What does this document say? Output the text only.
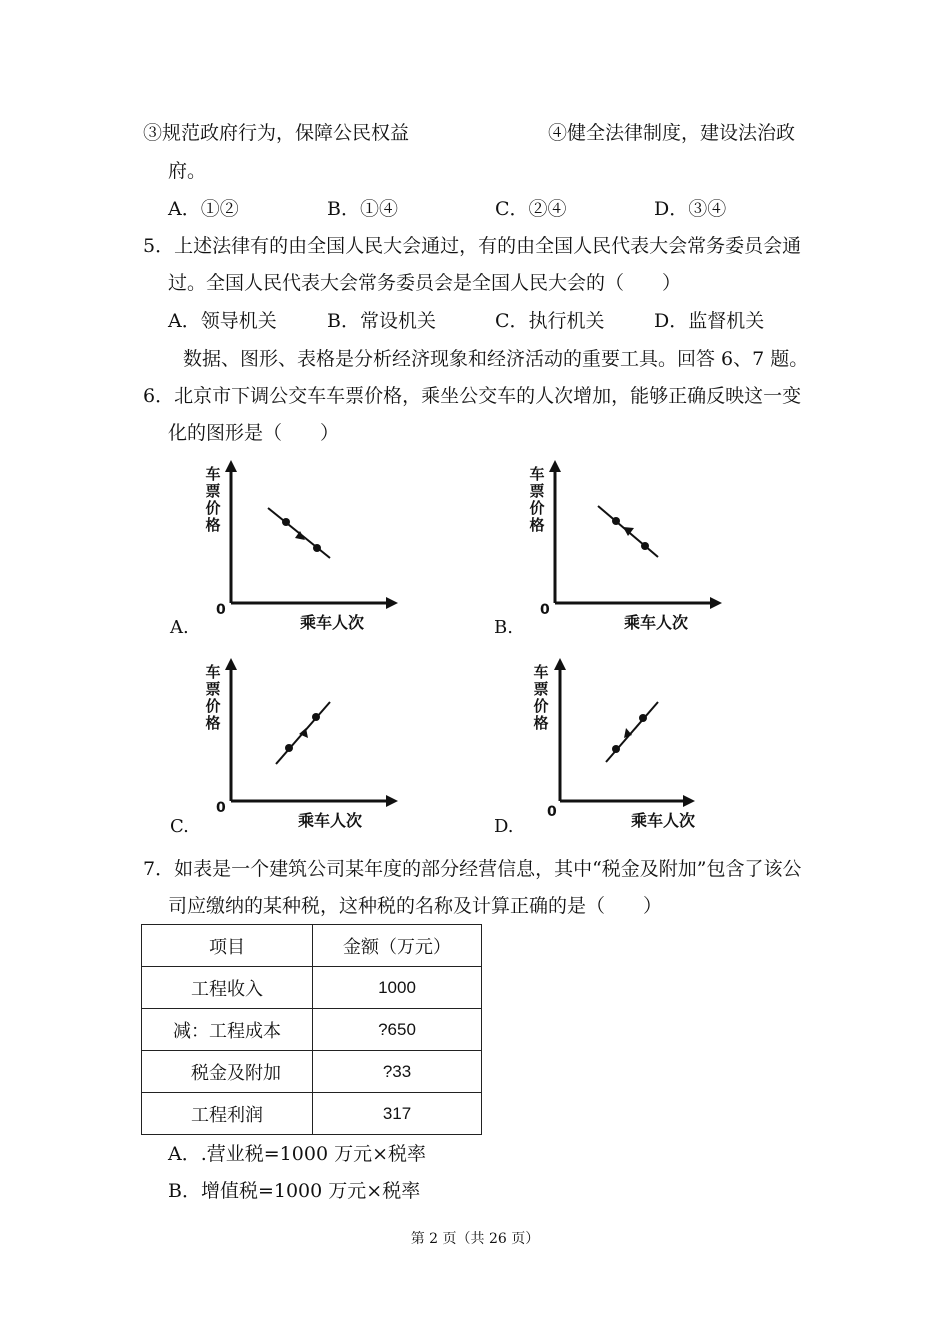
③规范政府行为，保障公民权益	④健全法律制度，建设法治政
府。
A．①②	B．①④	C．②④	D．③④
5．上述法律有的由全国人民大会通过，有的由全国人民代表大会常务委员会通
过。全国人民代表大会常务委员会是全国人民大会的（　　）
A．领导机关	B．常设机关	C．执行机关	D．监督机关
数据、图形、表格是分析经济现象和经济活动的重要工具。回答 6、7 题。
6．北京市下调公交车车票价格，乘坐公交车的人次增加，能够正确反映这一变
化的图形是（　　）
车
票
价
格
0
乘车人次
A.
车
票
价
格
0
乘车人次
B.
车
票
价
格
0
乘车人次
C.
车
票
价
格
0	乘车人次
D.
7．如表是一个建筑公司某年度的部分经营信息，其中“税金及附加”包含了该公
司应缴纳的某种税，这种税的名称及计算正确的是（　　）
项目	金额（万元）
工程收入	1000
减：工程成本	?650
　税金及附加	?33
工程利润	317
A．.营业税=1000 万元×税率
B．增值税=1000 万元×税率
第 2 页（共 26 页）
